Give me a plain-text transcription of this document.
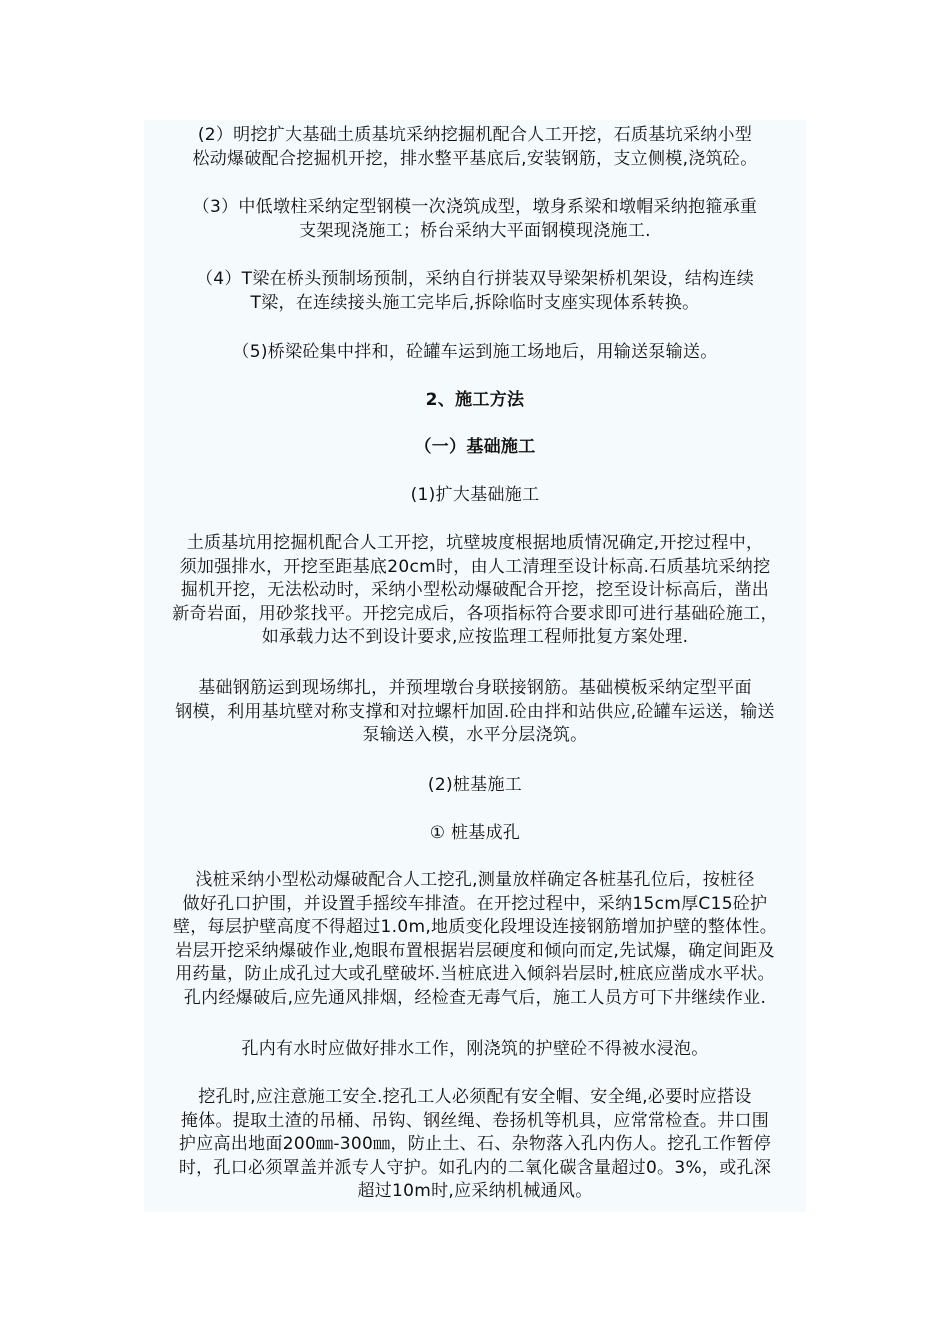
(2）明挖扩大基础土质基坑采纳挖掘机配合人工开挖，石质基坑采纳小型
松动爆破配合挖掘机开挖，排水整平基底后,安装钢筋，支立侧模,浇筑砼。

（3）中低墩柱采纳定型钢模一次浇筑成型，墩身系梁和墩帽采纳抱箍承重
支架现浇施工；桥台采纳大平面钢模现浇施工.

（4）T梁在桥头预制场预制，采纳自行拼装双导梁架桥机架设，结构连续
T梁，在连续接头施工完毕后,拆除临时支座实现体系转换。

（5)桥梁砼集中拌和，砼罐车运到施工场地后，用输送泵输送。

2、施工方法

（一）基础施工

(1)扩大基础施工

土质基坑用挖掘机配合人工开挖，坑壁坡度根据地质情况确定,开挖过程中，
须加强排水，开挖至距基底20cm时，由人工清理至设计标高.石质基坑采纳挖
掘机开挖，无法松动时，采纳小型松动爆破配合开挖，挖至设计标高后，凿出
新奇岩面，用砂浆找平。开挖完成后，各项指标符合要求即可进行基础砼施工，
如承载力达不到设计要求,应按监理工程师批复方案处理.

基础钢筋运到现场绑扎，并预埋墩台身联接钢筋。基础模板采纳定型平面
钢模，利用基坑壁对称支撑和对拉螺杆加固.砼由拌和站供应,砼罐车运送，输送
泵输送入模，水平分层浇筑。

(2)桩基施工

① 桩基成孔

浅桩采纳小型松动爆破配合人工挖孔,测量放样确定各桩基孔位后，按桩径
做好孔口护围，并设置手摇绞车排渣。在开挖过程中，采纳15cm厚C15砼护
壁，每层护壁高度不得超过1.0m,地质变化段埋设连接钢筋增加护壁的整体性。
岩层开挖采纳爆破作业,炮眼布置根据岩层硬度和倾向而定,先试爆，确定间距及
用药量，防止成孔过大或孔壁破坏.当桩底进入倾斜岩层时,桩底应凿成水平状。
孔内经爆破后,应先通风排烟，经检查无毒气后，施工人员方可下井继续作业.

孔内有水时应做好排水工作，刚浇筑的护壁砼不得被水浸泡。

挖孔时,应注意施工安全.挖孔工人必须配有安全帽、安全绳,必要时应搭设
掩体。提取土渣的吊桶、吊钩、钢丝绳、卷扬机等机具，应常常检查。井口围
护应高出地面200㎜-300㎜，防止土、石、杂物落入孔内伤人。挖孔工作暂停
时，孔口必须罩盖并派专人守护。如孔内的二氧化碳含量超过0。3%，或孔深
超过10m时,应采纳机械通风。
